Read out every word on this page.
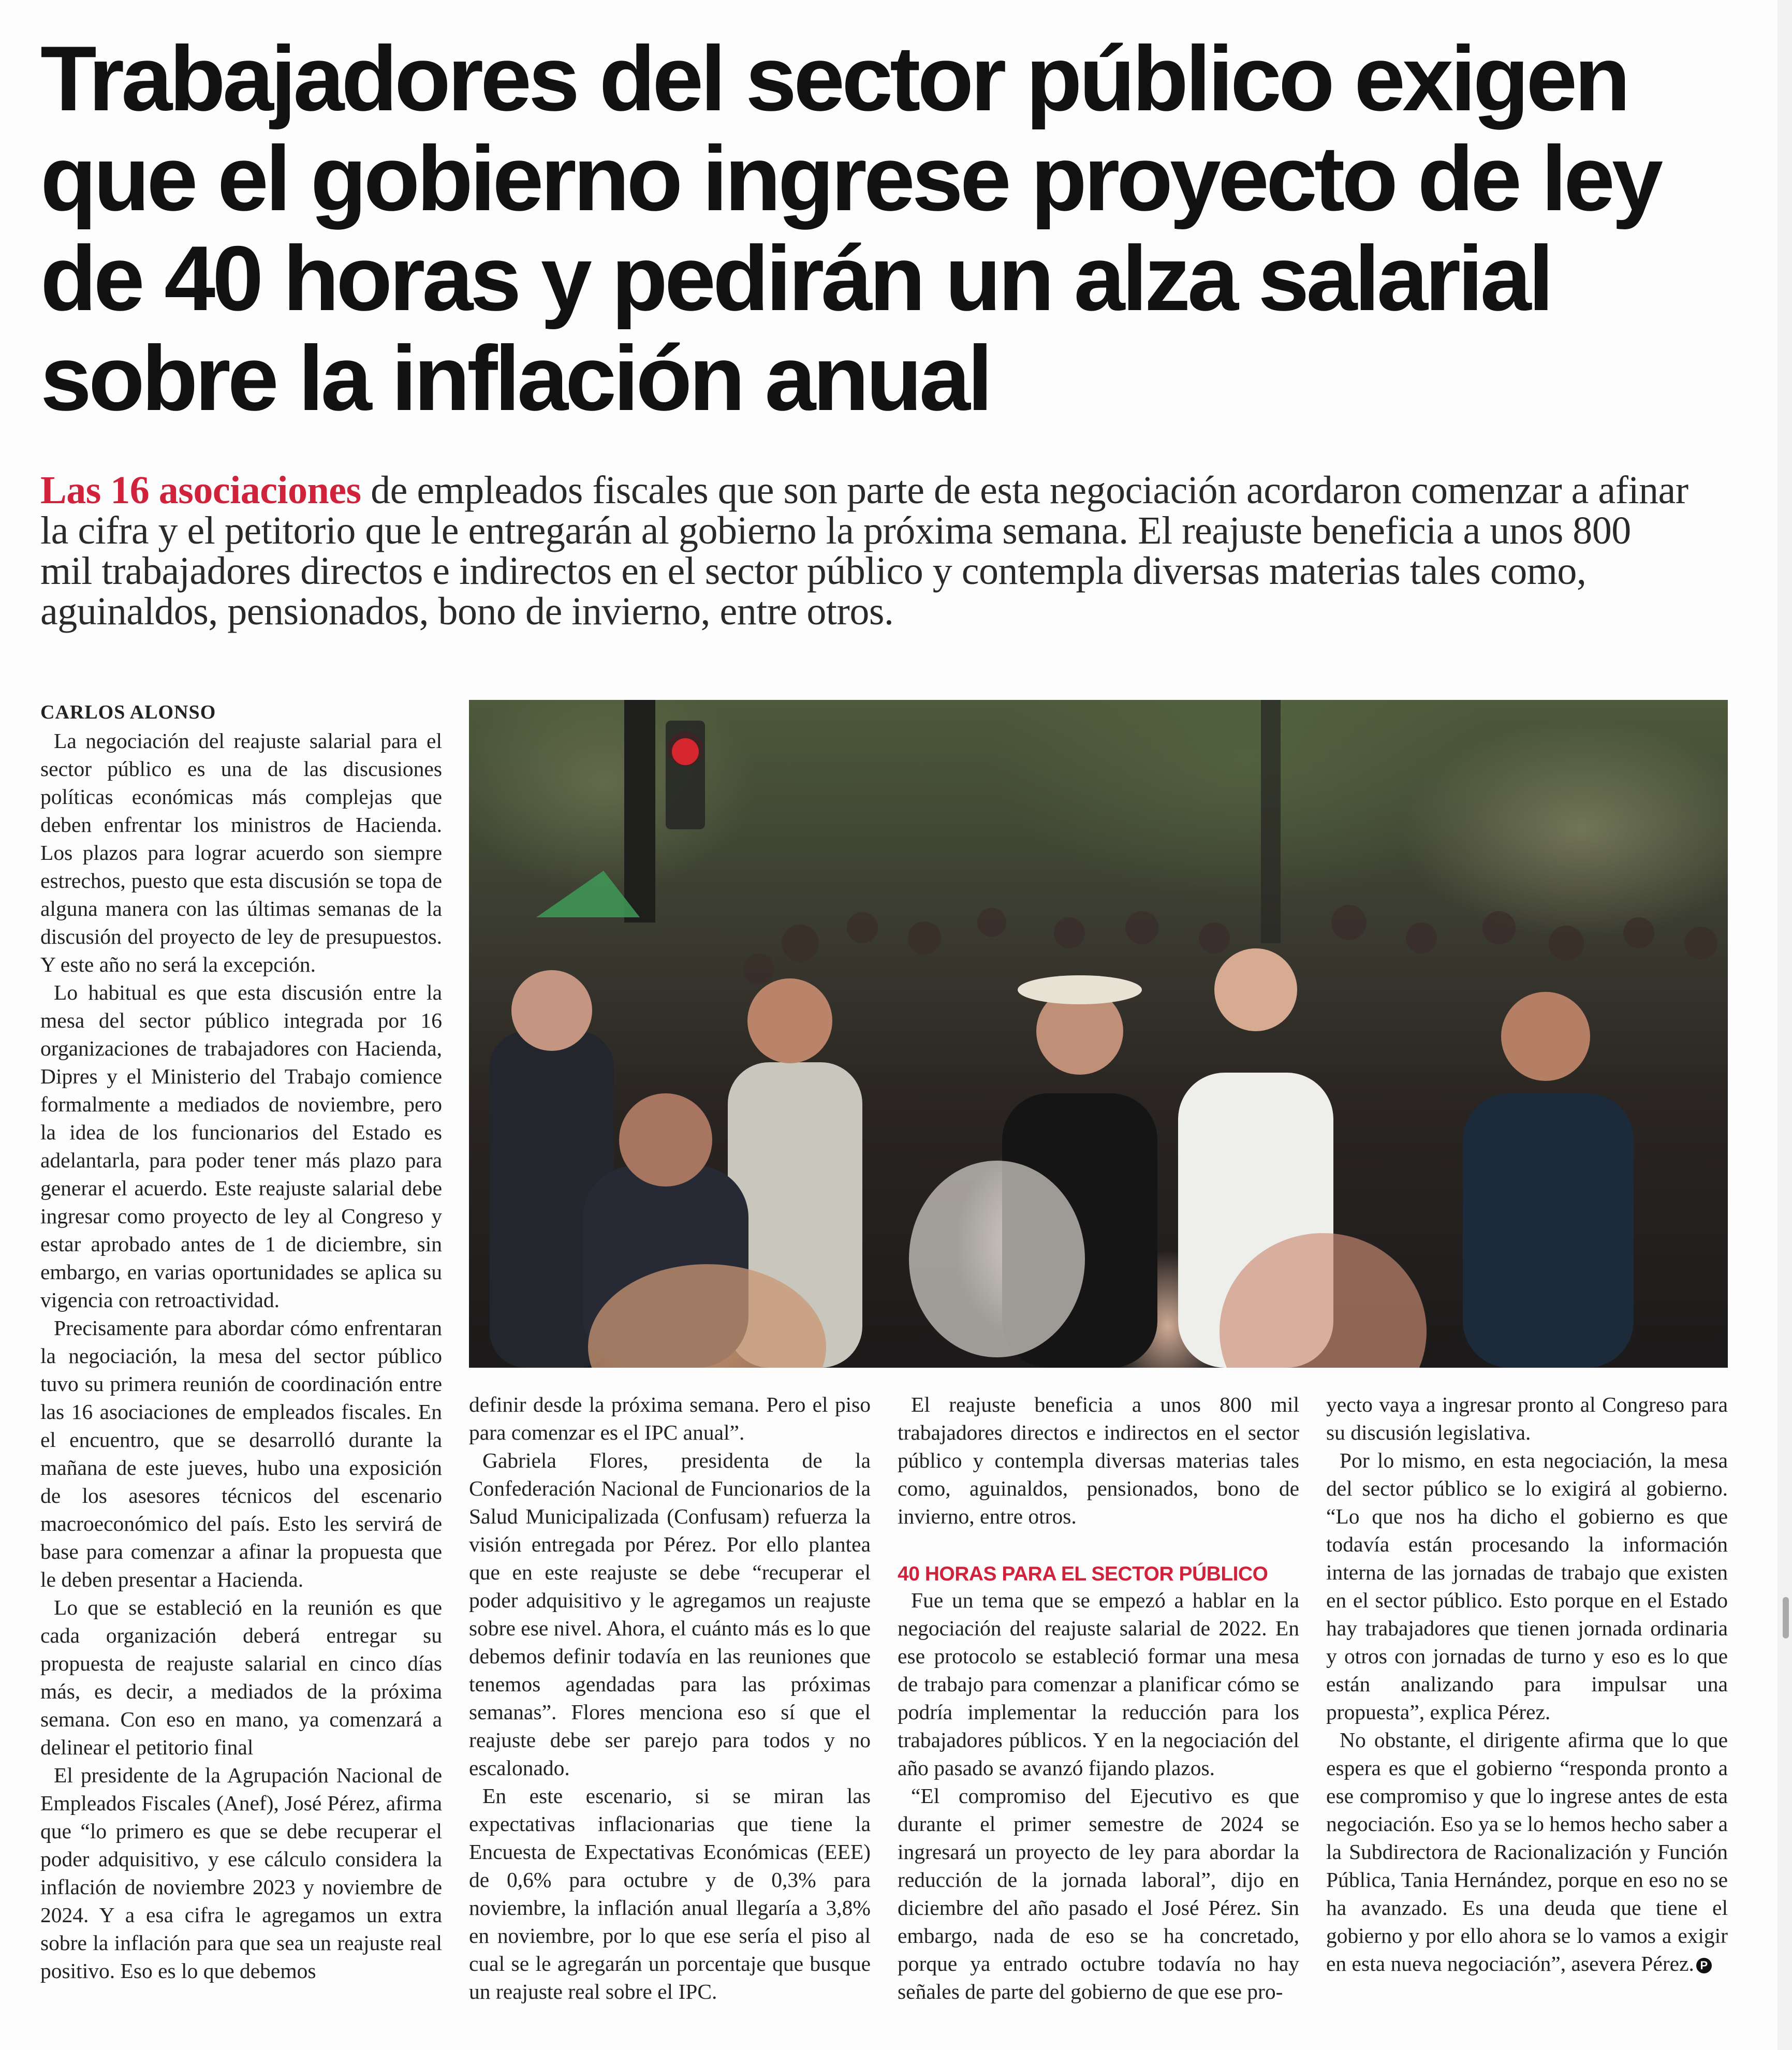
Trabajadores del sector público exigen
que el gobierno ingrese proyecto de ley
de 40 horas y pedirán un alza salarial
sobre la inflación anual
Las 16 asociaciones de empleados fiscales que son parte de esta negociación acordaron comenzar a afinar
la cifra y el petitorio que le entregarán al gobierno la próxima semana. El reajuste beneficia a unos 800
mil trabajadores directos e indirectos en el sector público y contempla diversas materias tales como,
aguinaldos, pensionados, bono de invierno, entre otros.
CARLOS ALONSO

La negociación del reajuste salarial para el sector público es una de las discusiones políticas económicas más complejas que deben enfrentar los ministros de Hacienda. Los plazos para lograr acuerdo son siempre estrechos, puesto que esta discusión se topa de alguna manera con las últimas semanas de la discusión del proyecto de ley de presupuestos. Y este año no será la excepción.

Lo habitual es que esta discusión entre la mesa del sector público integrada por 16 organizaciones de trabajadores con Hacienda, Dipres y el Ministerio del Trabajo comience formalmente a mediados de noviembre, pero la idea de los funcionarios del Estado es adelantarla, para poder tener más plazo para generar el acuerdo. Este reajuste salarial debe ingresar como proyecto de ley al Congreso y estar aprobado antes de 1 de diciembre, sin embargo, en varias oportunidades se aplica su vigencia con retroactividad.

Precisamente para abordar cómo enfrentaran la negociación, la mesa del sector público tuvo su primera reunión de coordinación entre las 16 asociaciones de empleados fiscales. En el encuentro, que se desarrolló durante la mañana de este jueves, hubo una exposición de los asesores técnicos del escenario macroeconómico del país. Esto les servirá de base para comenzar a afinar la propuesta que le deben presentar a Hacienda.

Lo que se estableció en la reunión es que cada organización deberá entregar su propuesta de reajuste salarial en cinco días más, es decir, a mediados de la próxima semana. Con eso en mano, ya comenzará a delinear el petitorio final

El presidente de la Agrupación Nacional de Empleados Fiscales (Anef), José Pérez, afirma que “lo primero es que se debe recuperar el poder adquisitivo, y ese cálculo considera la inflación de noviembre 2023 y noviembre de 2024. Y a esa cifra le agregamos un extra sobre la inflación para que sea un reajuste real positivo. Eso es lo que debemos

definir desde la próxima semana. Pero el piso para comenzar es el IPC anual”.

Gabriela Flores, presidenta de la Confederación Nacional de Funcionarios de la Salud Municipalizada (Confusam) refuerza la visión entregada por Pérez. Por ello plantea que en este reajuste se debe “recuperar el poder adquisitivo y le agregamos un reajuste sobre ese nivel. Ahora, el cuánto más es lo que debemos definir todavía en las reuniones que tenemos agendadas para las próximas semanas”. Flores menciona eso sí que el reajuste debe ser parejo para todos y no escalonado.

En este escenario, si se miran las expectativas inflacionarias que tiene la Encuesta de Expectativas Económicas (EEE) de 0,6% para octubre y de 0,3% para noviembre, la inflación anual llegaría a 3,8% en noviembre, por lo que ese sería el piso al cual se le agregarán un porcentaje que busque un reajuste real sobre el IPC.

El reajuste beneficia a unos 800 mil trabajadores directos e indirectos en el sector público y contempla diversas materias tales como, aguinaldos, pensionados, bono de invierno, entre otros.

40 HORAS PARA EL SECTOR PÚBLICO

Fue un tema que se empezó a hablar en la negociación del reajuste salarial de 2022. En ese protocolo se estableció formar una mesa de trabajo para comenzar a planificar cómo se podría implementar la reducción para los trabajadores públicos. Y en la negociación del año pasado se avanzó fijando plazos.

“El compromiso del Ejecutivo es que durante el primer semestre de 2024 se ingresará un proyecto de ley para abordar la reducción de la jornada laboral”, dijo en diciembre del año pasado el José Pérez. Sin embargo, nada de eso se ha concretado, porque ya entrado octubre todavía no hay señales de parte del gobierno de que ese pro-

yecto vaya a ingresar pronto al Congreso para su discusión legislativa.

Por lo mismo, en esta negociación, la mesa del sector público se lo exigirá al gobierno. “Lo que nos ha dicho el gobierno es que todavía están procesando la información interna de las jornadas de trabajo que existen en el sector público. Esto porque en el Estado hay trabajadores que tienen jornada ordinaria y otros con jornadas de turno y eso es lo que están analizando para impulsar una propuesta”, explica Pérez.

No obstante, el dirigente afirma que lo que espera es que el gobierno “responda pronto a ese compromiso y que lo ingrese antes de esta negociación. Eso ya se lo hemos hecho saber a la Subdirectora de Racionalización y Función Pública, Tania Hernández, porque en eso no se ha avanzado. Es una deuda que tiene el gobierno y por ello ahora se lo vamos a exigir en esta nueva negociación”, asevera Pérez. P
